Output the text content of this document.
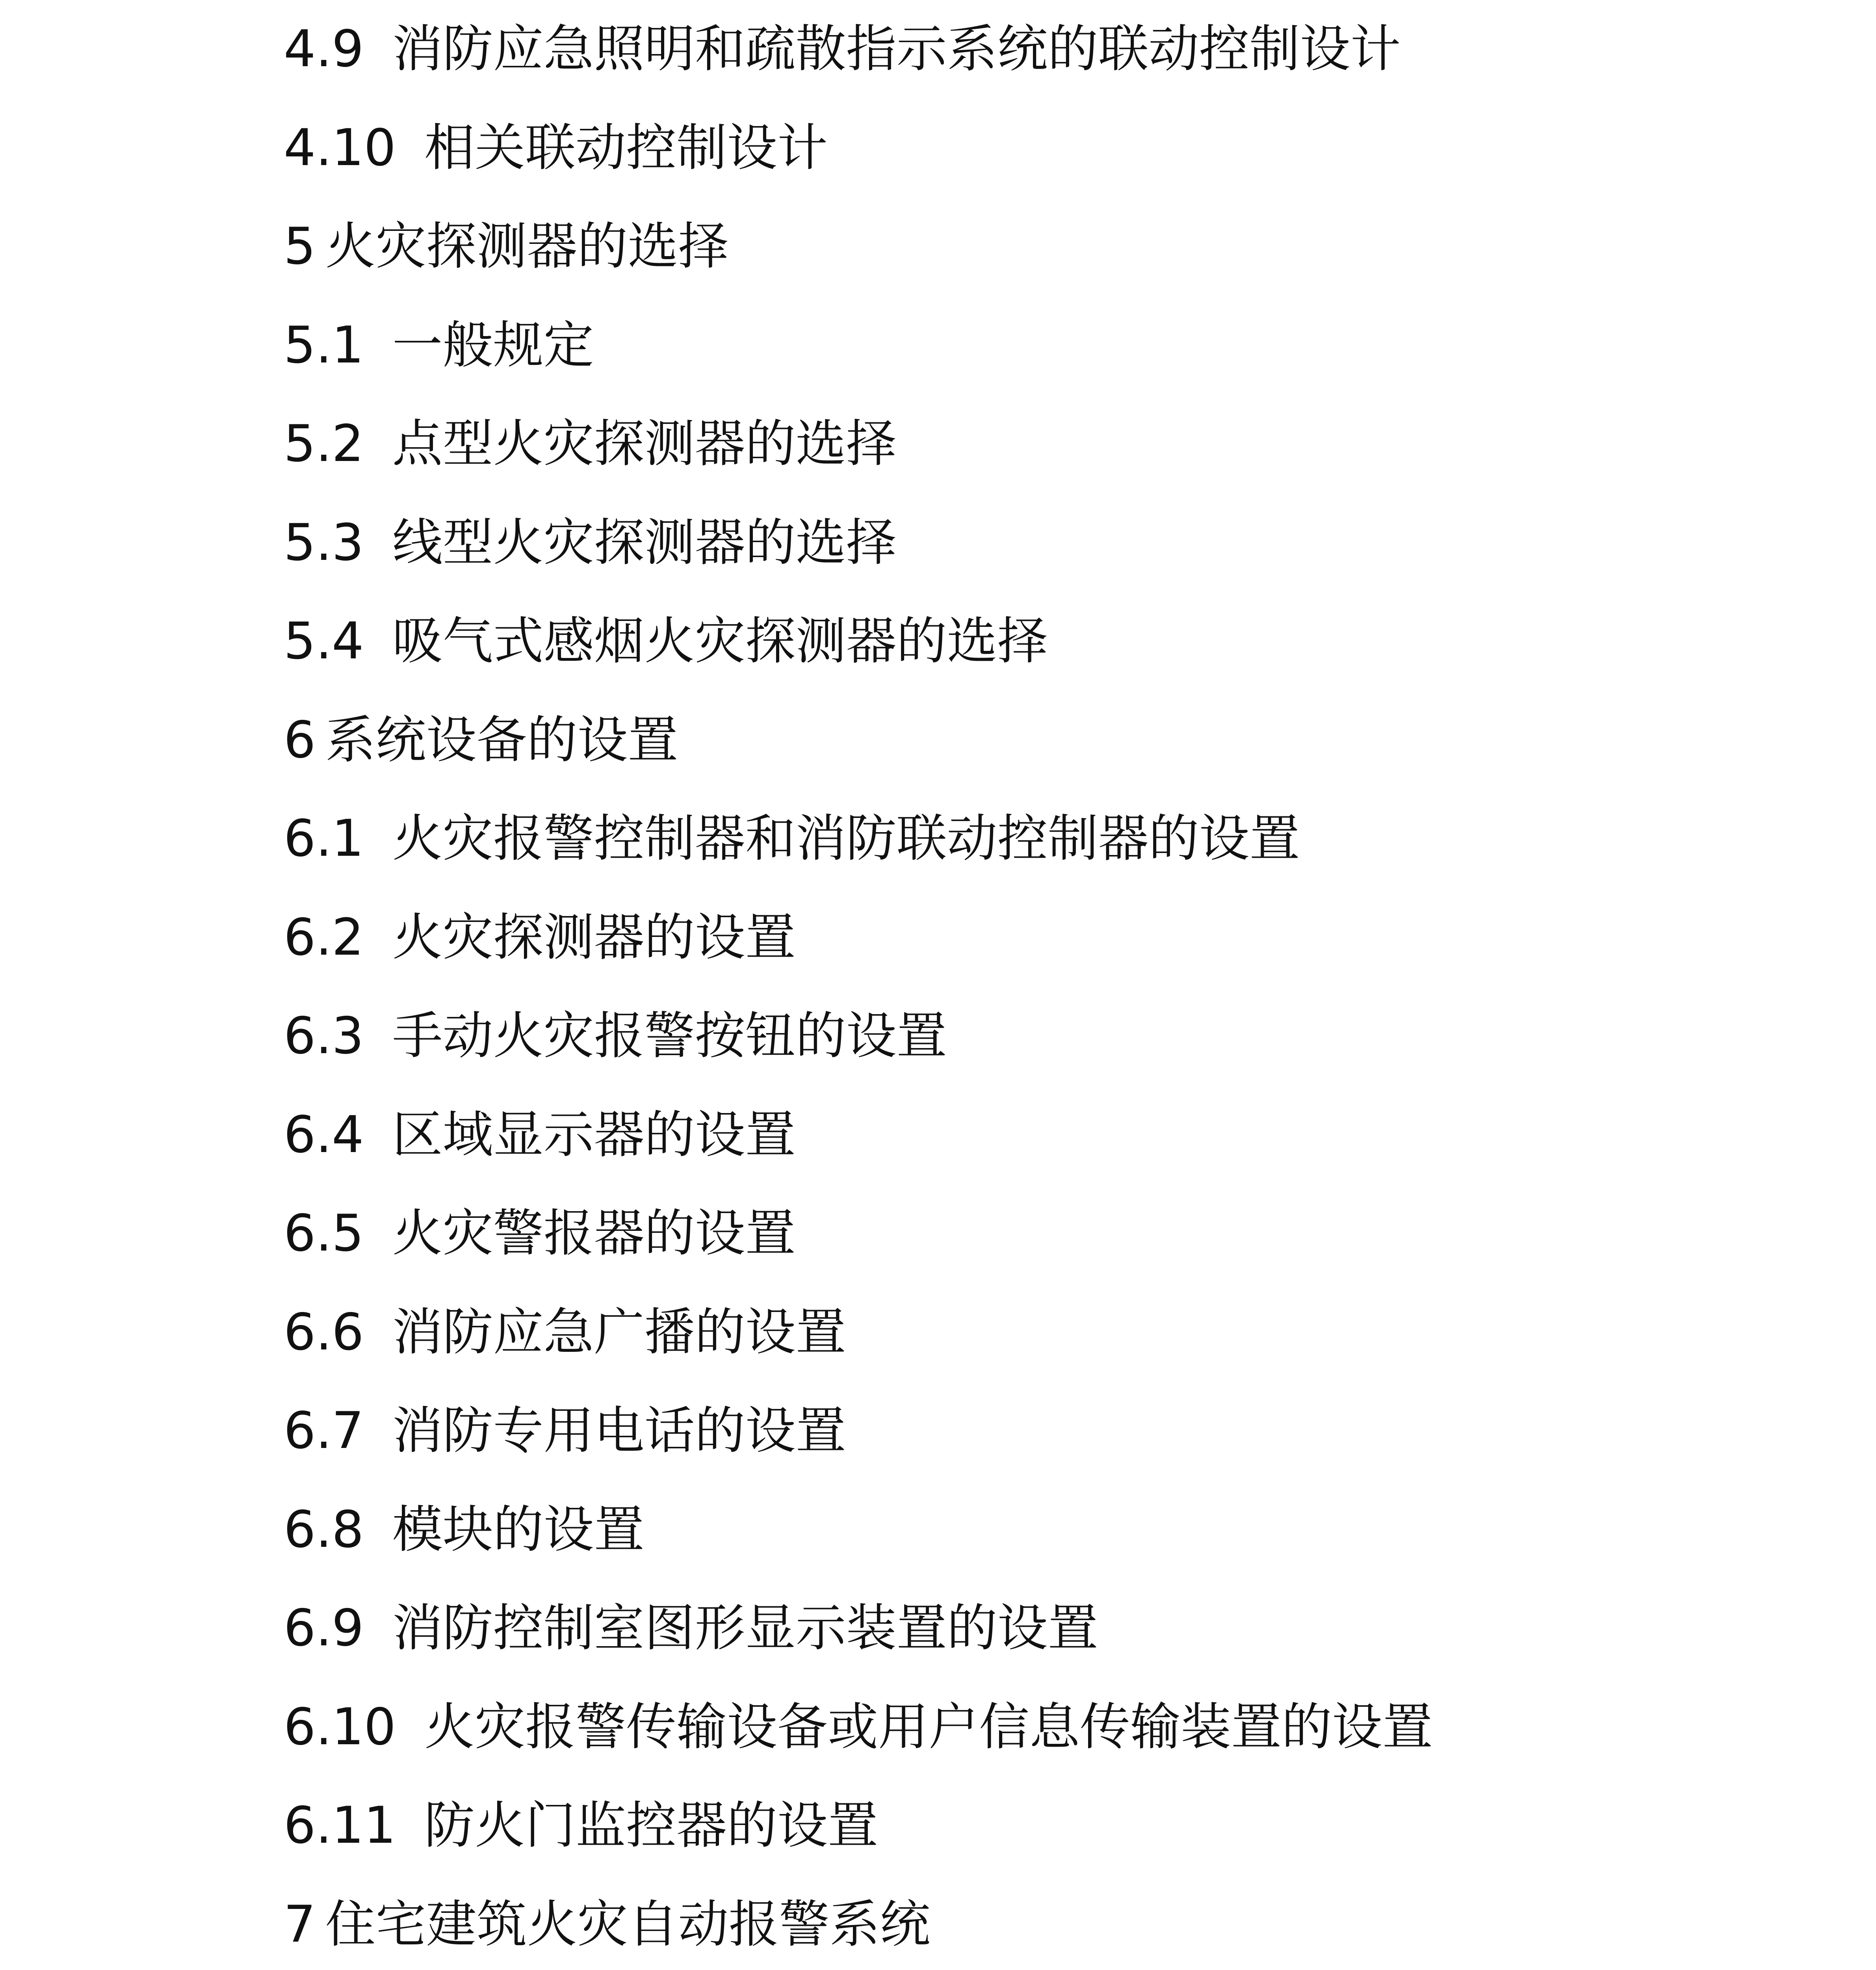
4.9 消防应急照明和疏散指示系统的联动控制设计
4.10 相关联动控制设计
5 火灾探测器的选择
5.1 一般规定
5.2 点型火灾探测器的选择
5.3 线型火灾探测器的选择
5.4 吸气式感烟火灾探测器的选择
6 系统设备的设置
6.1 火灾报警控制器和消防联动控制器的设置
6.2 火灾探测器的设置
6.3 手动火灾报警按钮的设置
6.4 区域显示器的设置
6.5 火灾警报器的设置
6.6 消防应急广播的设置
6.7 消防专用电话的设置
6.8 模块的设置
6.9 消防控制室图形显示装置的设置
6.10 火灾报警传输设备或用户信息传输装置的设置
6.11 防火门监控器的设置
7 住宅建筑火灾自动报警系统
